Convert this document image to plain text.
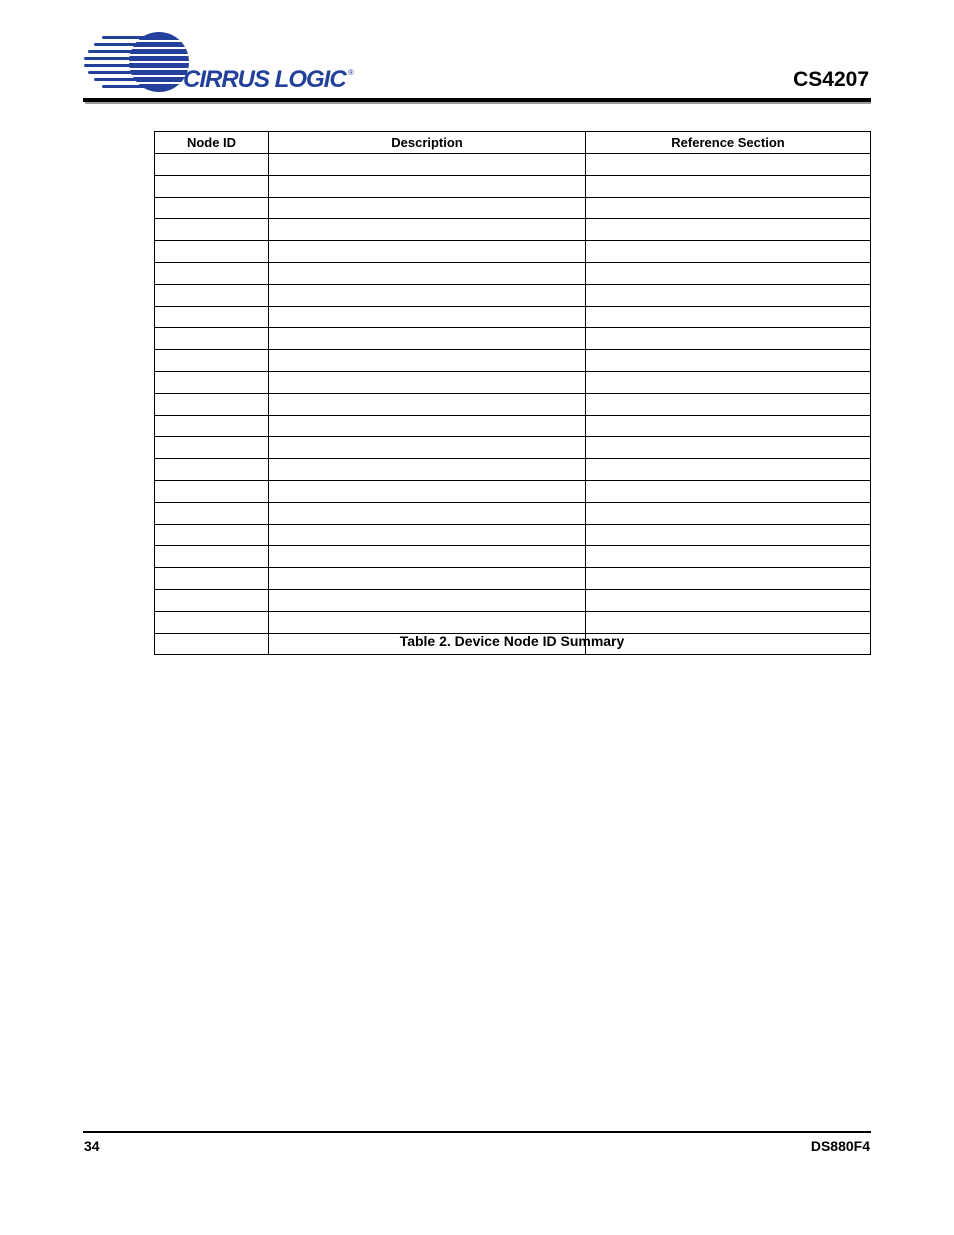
CIRRUS LOGIC ®	CS4207
Node ID	Description	Reference Section

Table 2. Device Node ID Summary
34	DS880F4
